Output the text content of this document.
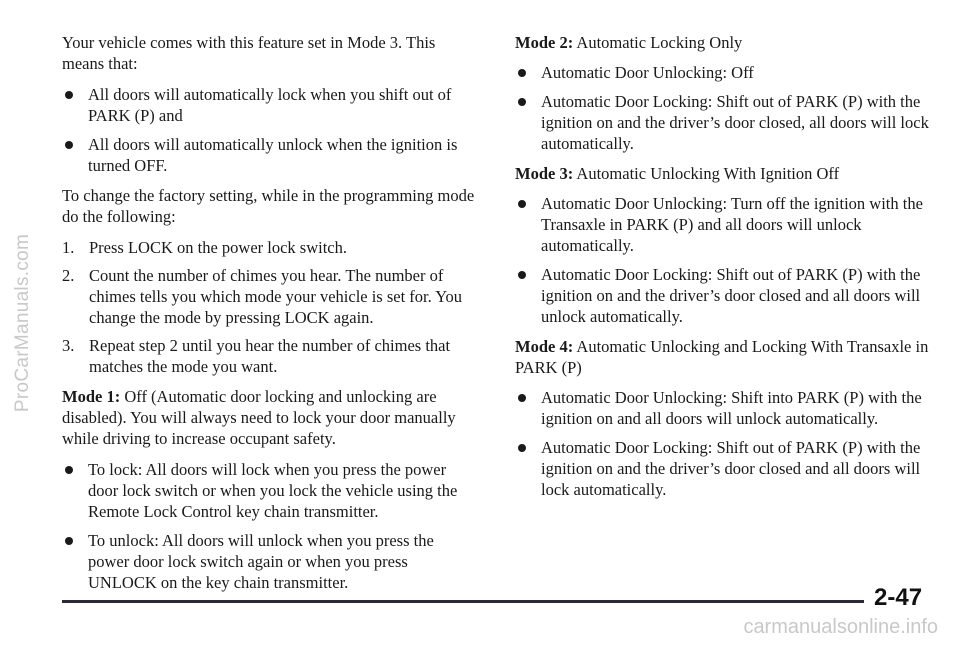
ProCarManuals.com

Your vehicle comes with this feature set in Mode 3. This means that:

All doors will automatically lock when you shift out of PARK (P) and
All doors will automatically unlock when the ignition is turned OFF.

To change the factory setting, while in the programming mode do the following:

1. Press LOCK on the power lock switch.
2. Count the number of chimes you hear. The number of chimes tells you which mode your vehicle is set for. You change the mode by pressing LOCK again.
3. Repeat step 2 until you hear the number of chimes that matches the mode you want.

Mode 1: Off (Automatic door locking and unlocking are disabled). You will always need to lock your door manually while driving to increase occupant safety.

To lock: All doors will lock when you press the power door lock switch or when you lock the vehicle using the Remote Lock Control key chain transmitter.
To unlock: All doors will unlock when you press the power door lock switch again or when you press UNLOCK on the key chain transmitter.

Mode 2: Automatic Locking Only

Automatic Door Unlocking: Off
Automatic Door Locking: Shift out of PARK (P) with the ignition on and the driver’s door closed, all doors will lock automatically.

Mode 3: Automatic Unlocking With Ignition Off

Automatic Door Unlocking: Turn off the ignition with the Transaxle in PARK (P) and all doors will unlock automatically.
Automatic Door Locking: Shift out of PARK (P) with the ignition on and the driver’s door closed and all doors will unlock automatically.

Mode 4: Automatic Unlocking and Locking With Transaxle in PARK (P)

Automatic Door Unlocking: Shift into PARK (P) with the ignition on and all doors will unlock automatically.
Automatic Door Locking: Shift out of PARK (P) with the ignition on and the driver’s door closed and all doors will lock automatically.
2-47
carmanualsonline.info
